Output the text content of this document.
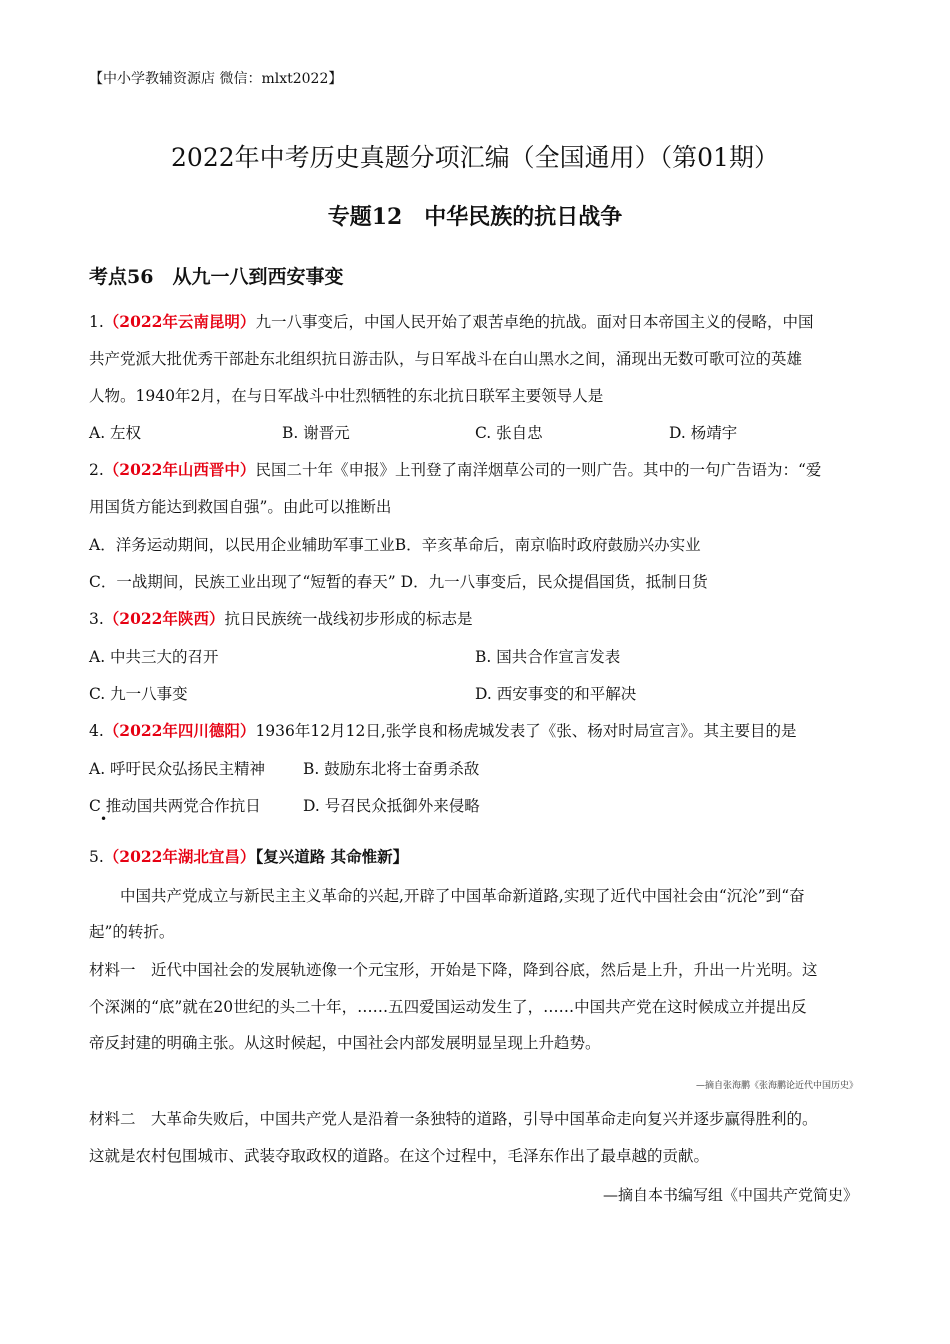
【中小学教辅资源店 微信：mlxt2022】
2022年中考历史真题分项汇编（全国通用）（第01期）
专题12　中华民族的抗日战争
考点56　从九一八到西安事变
1.（2022年云南昆明）九一八事变后，中国人民开始了艰苦卓绝的抗战。面对日本帝国主义的侵略，中国
共产党派大批优秀干部赴东北组织抗日游击队，与日军战斗在白山黑水之间，涌现出无数可歌可泣的英雄
人物。1940年2月，在与日军战斗中壮烈牺牲的东北抗日联军主要领导人是
A. 左权	B. 谢晋元	C. 张自忠	D. 杨靖宇
2.（2022年山西晋中）民国二十年《申报》上刊登了南洋烟草公司的一则广告。其中的一句广告语为：“爱
用国货方能达到救国自强”。由此可以推断出
A．洋务运动期间，以民用企业辅助军事工业B．辛亥革命后，南京临时政府鼓励兴办实业
C．一战期间，民族工业出现了“短暂的春天” D．九一八事变后，民众提倡国货，抵制日货
3.（2022年陕西）抗日民族统一战线初步形成的标志是
A. 中共三大的召开	B. 国共合作宣言发表
C. 九一八事变	D. 西安事变的和平解决
4.（2022年四川德阳）1936年12月12日,张学良和杨虎城发表了《张、杨对时局宣言》。其主要目的是
A. 呼吁民众弘扬民主精神 B. 鼓励东北将士奋勇杀敌
C 推动国共两党合作抗日	D. 号召民众抵御外来侵略
•
5.（2022年湖北宜昌）【复兴道路 其命惟新】
中国共产党成立与新民主主义革命的兴起,开辟了中国革命新道路,实现了近代中国社会由“沉沦”到“奋
起”的转折。
材料一　近代中国社会的发展轨迹像一个元宝形，开始是下降，降到谷底，然后是上升，升出一片光明。这
个深渊的“底”就在20世纪的头二十年，……五四爱国运动发生了，……中国共产党在这时候成立并提出反
帝反封建的明确主张。从这时候起，中国社会内部发展明显呈现上升趋势。
—摘自张海鹏《张海鹏论近代中国历史》
材料二　大革命失败后，中国共产党人是沿着一条独特的道路，引导中国革命走向复兴并逐步赢得胜利的。
这就是农村包围城市、武装夺取政权的道路。在这个过程中，毛泽东作出了最卓越的贡献。
—摘自本书编写组《中国共产党简史》
